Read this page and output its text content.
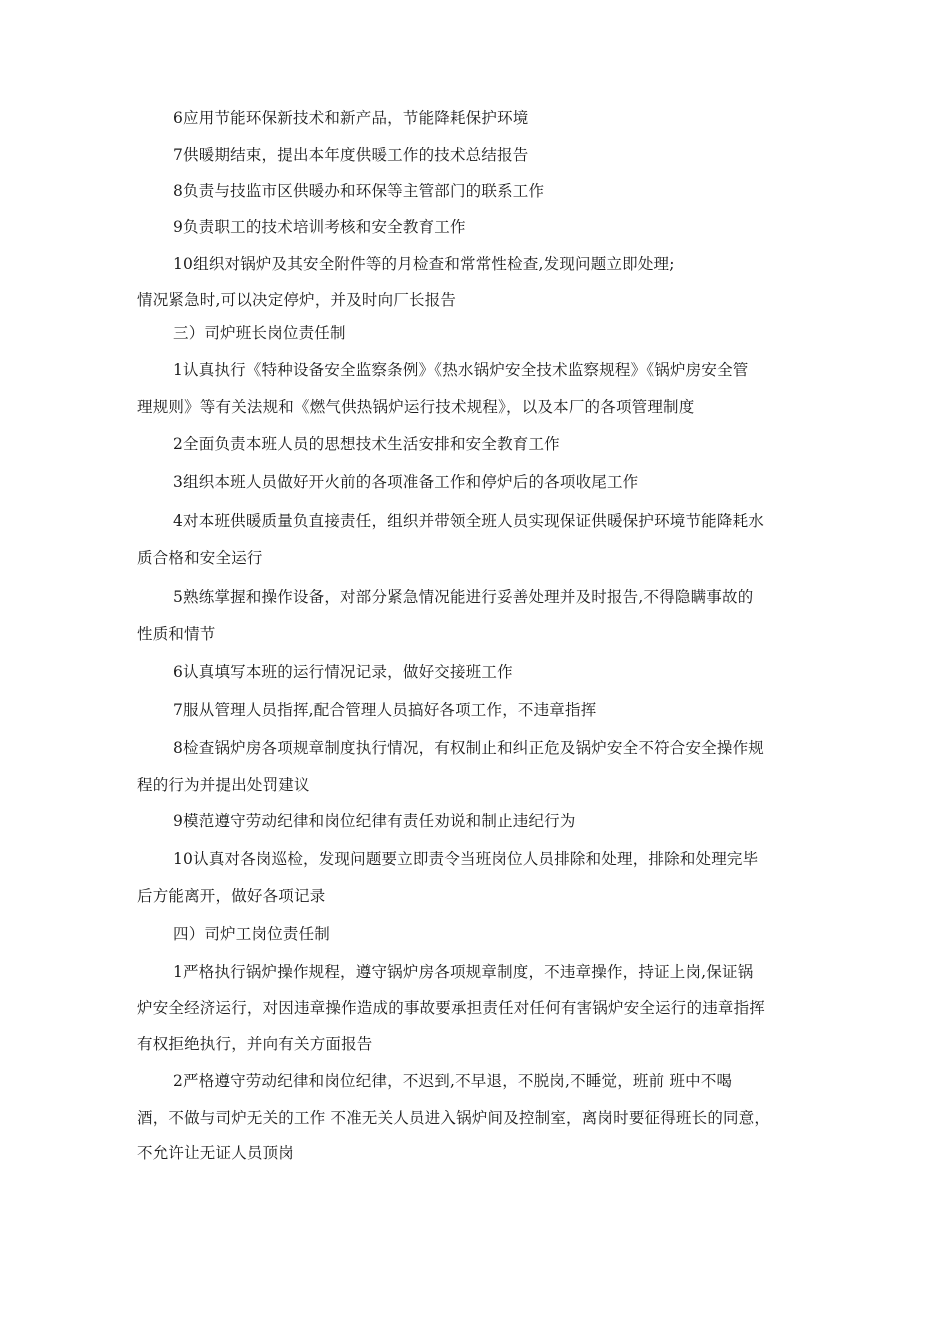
6应用节能环保新技术和新产品，节能降耗保护环境
7供暖期结束，提出本年度供暖工作的技术总结报告
8负责与技监市区供暖办和环保等主管部门的联系工作
9负责职工的技术培训考核和安全教育工作
10组织对锅炉及其安全附件等的月检查和常常性检查,发现问题立即处理;
情况紧急时,可以决定停炉，并及时向厂长报告
三）司炉班长岗位责任制
1认真执行《特种设备安全监察条例》《热水锅炉安全技术监察规程》《锅炉房安全管
理规则》等有关法规和《燃气供热锅炉运行技术规程》，以及本厂的各项管理制度
2全面负责本班人员的思想技术生活安排和安全教育工作
3组织本班人员做好开火前的各项准备工作和停炉后的各项收尾工作
4对本班供暖质量负直接责任，组织并带领全班人员实现保证供暖保护环境节能降耗水
质合格和安全运行
5熟练掌握和操作设备，对部分紧急情况能进行妥善处理并及时报告,不得隐瞒事故的
性质和情节
6认真填写本班的运行情况记录，做好交接班工作
7服从管理人员指挥,配合管理人员搞好各项工作，不违章指挥
8检查锅炉房各项规章制度执行情况，有权制止和纠正危及锅炉安全不符合安全操作规
程的行为并提出处罚建议
9模范遵守劳动纪律和岗位纪律有责任劝说和制止违纪行为
10认真对各岗巡检，发现问题要立即责令当班岗位人员排除和处理，排除和处理完毕
后方能离开，做好各项记录
四）司炉工岗位责任制
1严格执行锅炉操作规程，遵守锅炉房各项规章制度，不违章操作，持证上岗,保证锅
炉安全经济运行，对因违章操作造成的事故要承担责任对任何有害锅炉安全运行的违章指挥
有权拒绝执行，并向有关方面报告
2严格遵守劳动纪律和岗位纪律，不迟到,不早退，不脱岗,不睡觉，班前 班中不喝
酒，不做与司炉无关的工作 不准无关人员进入锅炉间及控制室，离岗时要征得班长的同意，
不允许让无证人员顶岗
